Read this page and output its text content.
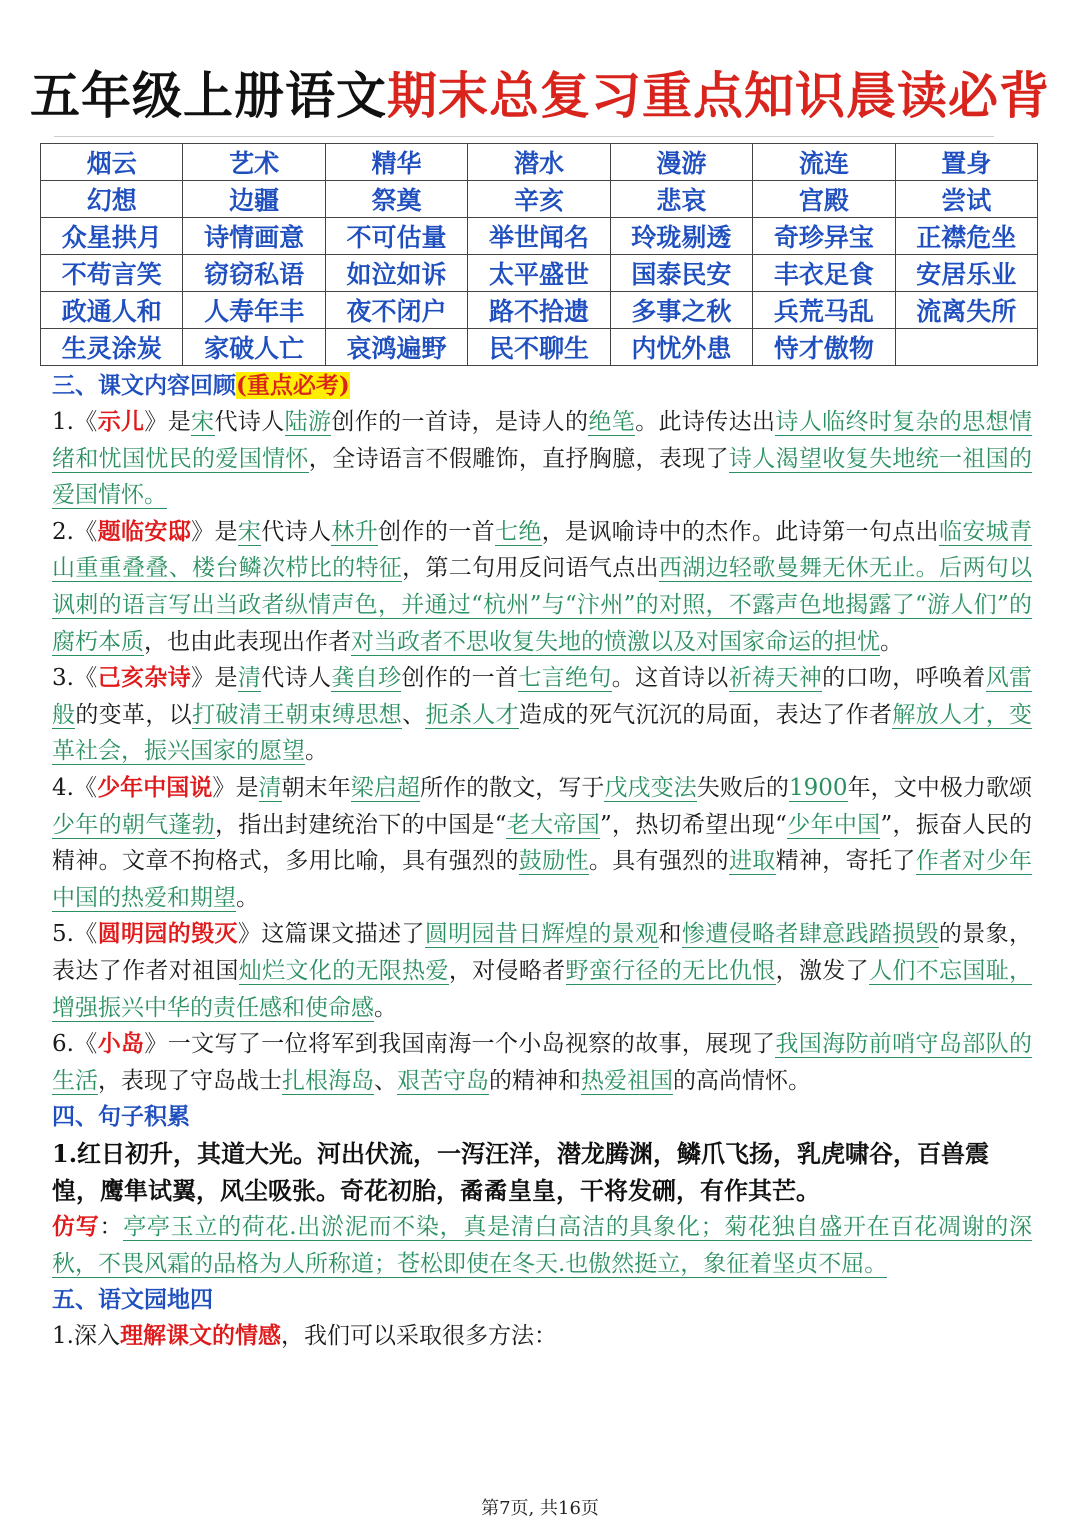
五年级上册语文期末总复习重点知识晨读必背
烟云	艺术	精华	潜水	漫游	流连	置身
幻想	边疆	祭奠	辛亥	悲哀	宫殿	尝试
众星拱月	诗情画意	不可估量	举世闻名	玲珑剔透	奇珍异宝	正襟危坐
不苟言笑	窃窃私语	如泣如诉	太平盛世	国泰民安	丰衣足食	安居乐业
政通人和	人寿年丰	夜不闭户	路不拾遗	多事之秋	兵荒马乱	流离失所
生灵涂炭	家破人亡	哀鸿遍野	民不聊生	内忧外患	恃才傲物	
三、课文内容回顾(重点必考)
1.《示儿》是宋代诗人陆游创作的一首诗，是诗人的绝笔。此诗传达出诗人临终时复杂的思想情绪和忧国忧民的爱国情怀，全诗语言不假雕饰，直抒胸臆，表现了诗人渴望收复失地统一祖国的爱国情怀。
2.《题临安邸》是宋代诗人林升创作的一首七绝，是讽喻诗中的杰作。此诗第一句点出临安城青山重重叠叠、楼台鳞次栉比的特征，第二句用反问语气点出西湖边轻歌曼舞无休无止。后两句以讽刺的语言写出当政者纵情声色，并通过“杭州”与“汴州”的对照，不露声色地揭露了“游人们”的腐朽本质，也由此表现出作者对当政者不思收复失地的愤激以及对国家命运的担忧。
3.《己亥杂诗》是清代诗人龚自珍创作的一首七言绝句。这首诗以祈祷天神的口吻，呼唤着风雷般的变革，以打破清王朝束缚思想、扼杀人才造成的死气沉沉的局面，表达了作者解放人才，变革社会，振兴国家的愿望。
4.《少年中国说》是清朝末年梁启超所作的散文，写于戊戌变法失败后的1900年，文中极力歌颂少年的朝气蓬勃，指出封建统治下的中国是“老大帝国”，热切希望出现“少年中国”，振奋人民的精神。文章不拘格式，多用比喻，具有强烈的鼓励性。具有强烈的进取精神，寄托了作者对少年中国的热爱和期望。
5.《圆明园的毁灭》这篇课文描述了圆明园昔日辉煌的景观和惨遭侵略者肆意践踏损毁的景象，表达了作者对祖国灿烂文化的无限热爱，对侵略者野蛮行径的无比仇恨，激发了人们不忘国耻，增强振兴中华的责任感和使命感。
6.《小岛》一文写了一位将军到我国南海一个小岛视察的故事，展现了我国海防前哨守岛部队的生活，表现了守岛战士扎根海岛、艰苦守岛的精神和热爱祖国的高尚情怀。
四、句子积累
1.红日初升，其道大光。河出伏流，一泻汪洋，潜龙腾渊，鳞爪飞扬，乳虎啸谷，百兽震惶，鹰隼试翼，风尘吸张。奇花初胎，矞矞皇皇，干将发硎，有作其芒。
仿写：亭亭玉立的荷花.出淤泥而不染，真是清白高洁的具象化；菊花独自盛开在百花凋谢的深秋，不畏风霜的品格为人所称道；苍松即使在冬天.也傲然挺立，象征着坚贞不屈。
五、语文园地四
1.深入理解课文的情感，我们可以采取很多方法：
第7页, 共16页
